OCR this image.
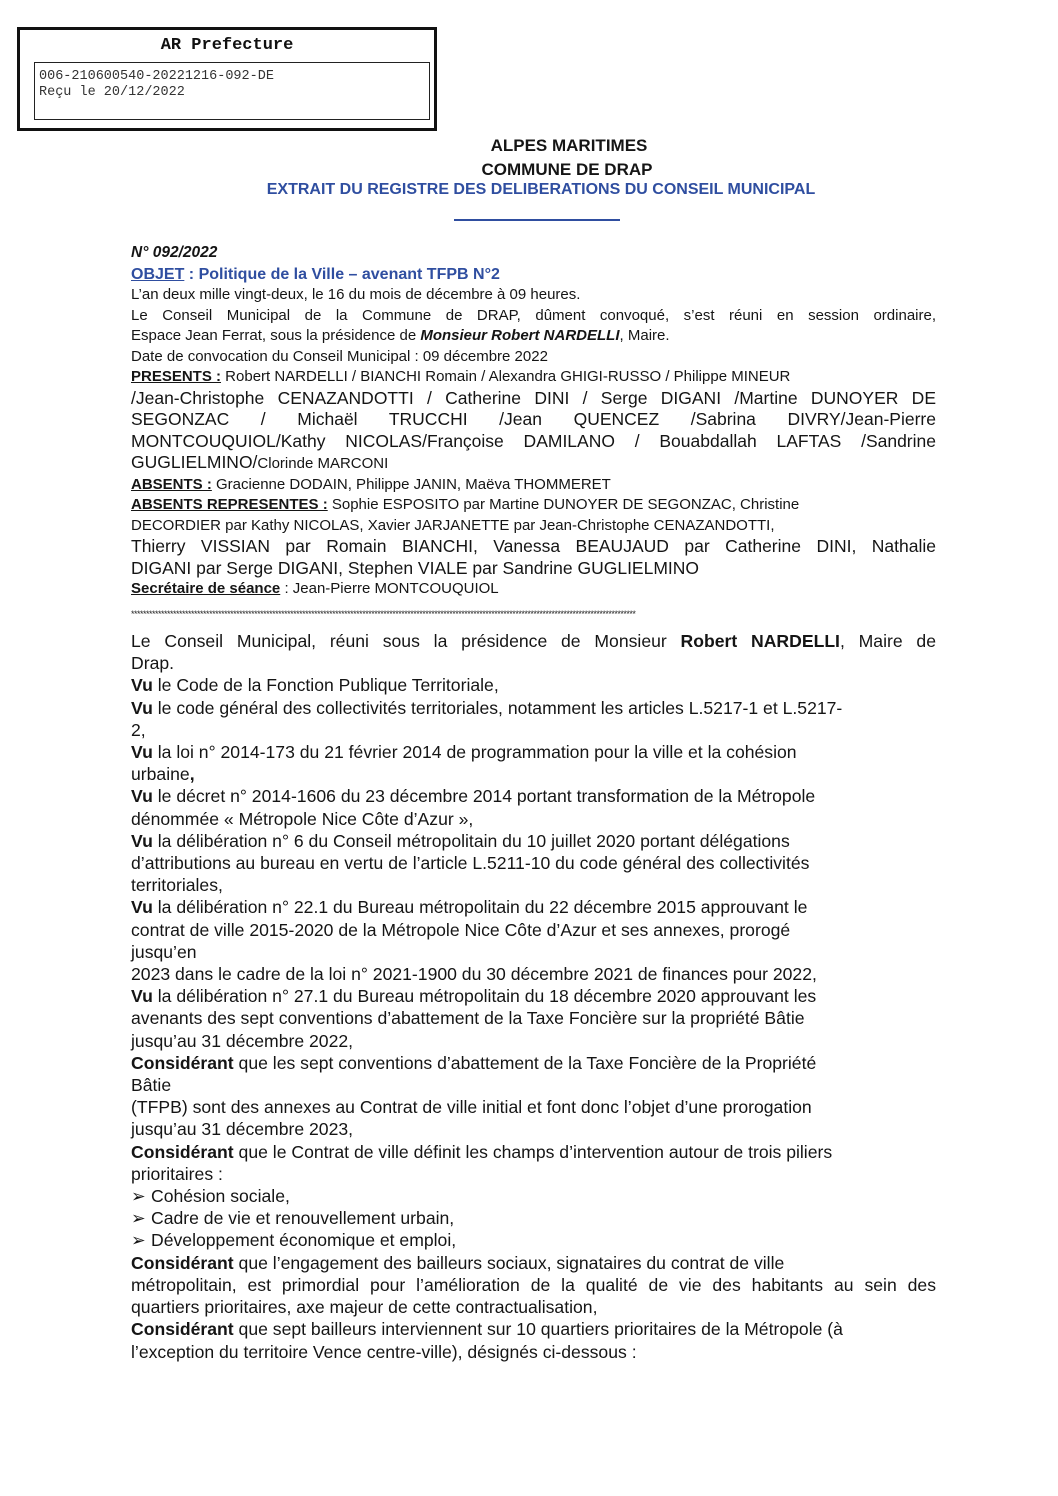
AR Prefecture
006-210600540-20221216-092-DE
Reçu le 20/12/2022
ALPES MARITIMES
COMMUNE DE DRAP
EXTRAIT DU REGISTRE DES DELIBERATIONS DU CONSEIL MUNICIPAL
N° 092/2022
OBJET : Politique de la Ville – avenant TFPB N°2
L’an deux mille vingt-deux, le 16 du mois de décembre à 09 heures.
Le Conseil Municipal de la Commune de DRAP, dûment convoqué, s’est réuni en session ordinaire,
Espace Jean Ferrat, sous la présidence de Monsieur Robert NARDELLI, Maire.
Date de convocation du Conseil Municipal : 09 décembre 2022
PRESENTS : Robert NARDELLI / BIANCHI Romain / Alexandra GHIGI-RUSSO / Philippe MINEUR
/Jean-Christophe CENAZANDOTTI / Catherine DINI / Serge DIGANI /Martine DUNOYER DE
SEGONZAC / Michaël TRUCCHI /Jean QUENCEZ /Sabrina DIVRY/Jean-Pierre
MONTCOUQUIOL/Kathy NICOLAS/Françoise DAMILANO / Bouabdallah LAFTAS /Sandrine
GUGLIELMINO/Clorinde MARCONI
ABSENTS : Gracienne DODAIN, Philippe JANIN, Maëva THOMMERET
ABSENTS REPRESENTES : Sophie ESPOSITO par Martine DUNOYER DE SEGONZAC, Christine
DECORDIER par Kathy NICOLAS, Xavier JARJANETTE par Jean-Christophe CENAZANDOTTI,
Thierry VISSIAN par Romain BIANCHI, Vanessa BEAUJAUD par Catherine DINI, Nathalie
DIGANI par Serge DIGANI, Stephen VIALE par Sandrine GUGLIELMINO
Secrétaire de séance : Jean-Pierre MONTCOUQUIOL
************************************************************************************************************************************************************************
Le Conseil Municipal, réuni sous la présidence de Monsieur Robert NARDELLI, Maire de
Drap.
Vu le Code de la Fonction Publique Territoriale,
Vu le code général des collectivités territoriales, notamment les articles L.5217-1 et L.5217-
2,
Vu la loi n° 2014-173 du 21 février 2014 de programmation pour la ville et la cohésion
urbaine,
Vu le décret n° 2014-1606 du 23 décembre 2014 portant transformation de la Métropole
dénommée « Métropole Nice Côte d’Azur »,
Vu la délibération n° 6 du Conseil métropolitain du 10 juillet 2020 portant délégations
d’attributions au bureau en vertu de l’article L.5211-10 du code général des collectivités
territoriales,
Vu la délibération n° 22.1 du Bureau métropolitain du 22 décembre 2015 approuvant le
contrat de ville 2015-2020 de la Métropole Nice Côte d’Azur et ses annexes, prorogé
jusqu’en
2023 dans le cadre de la loi n° 2021-1900 du 30 décembre 2021 de finances pour 2022,
Vu la délibération n° 27.1 du Bureau métropolitain du 18 décembre 2020 approuvant les
avenants des sept conventions d’abattement de la Taxe Foncière sur la propriété Bâtie
jusqu’au 31 décembre 2022,
Considérant que les sept conventions d’abattement de la Taxe Foncière de la Propriété
Bâtie
(TFPB) sont des annexes au Contrat de ville initial et font donc l’objet d’une prorogation
jusqu’au 31 décembre 2023,
Considérant que le Contrat de ville définit les champs d’intervention autour de trois piliers
prioritaires :
➢ Cohésion sociale,
➢ Cadre de vie et renouvellement urbain,
➢ Développement économique et emploi,
Considérant que l’engagement des bailleurs sociaux, signataires du contrat de ville
métropolitain, est primordial pour l’amélioration de la qualité de vie des habitants au sein des
quartiers prioritaires, axe majeur de cette contractualisation,
Considérant que sept bailleurs interviennent sur 10 quartiers prioritaires de la Métropole (à
l’exception du territoire Vence centre-ville), désignés ci-dessous :
